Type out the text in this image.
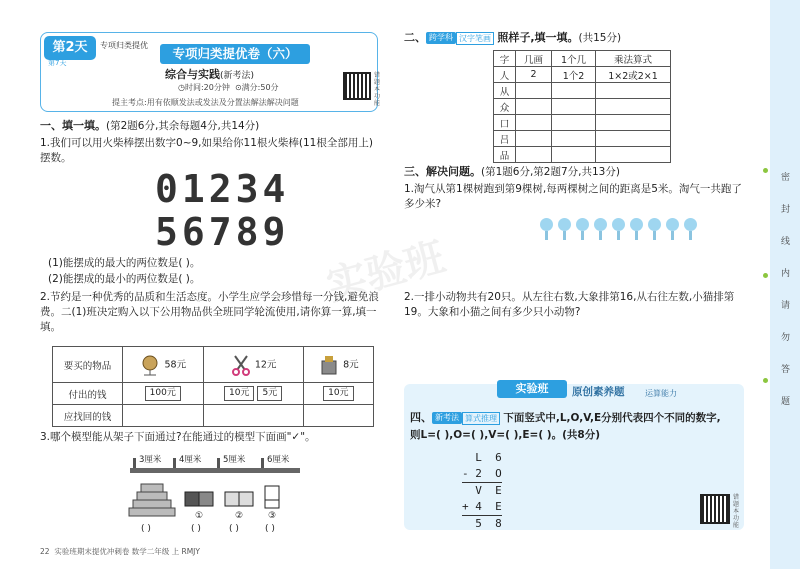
第2天
第7天
专项归类提优
专项归类提优卷（六）
综合与实践(新考法)
◷时间:20分钟 ⊙满分:50分
提主考点:用有依顺发法或发法及分置法解法解决问题
错题本功能
一、填一填。(第2题6分,其余每题4分,共14分)
1.我们可以用火柴棒摆出数字0~9,如果给你11根火柴棒(11根全部用上)摆数。
01234
56789
(1)能摆成的最大的两位数是( )。
(2)能摆成的最小的两位数是( )。
2.节约是一种优秀的品质和生活态度。小学生应学会珍惜每一分钱,避免浪费。二(1)班决定购入以下公用物品供全班同学轮流使用,请你算一算,填一填。
要买的物品	58元	12元	8元
付出的钱	100元	10元 5元	10元
应找回的钱			
3.哪个模型能从架子下面通过?在能通过的模型下面画"✓"。
3厘米 4厘米	5厘米	6厘米
①	②	③
( )	( )	( )	( )
二、 跨学科 汉字笔画 照样子,填一填。(共15分)
字	几画	1个几	乘法算式
人	2	1个2	1×2或2×1
从			
众			
口			
吕			
品			
三、解决问题。(第1题6分,第2题7分,共13分)
1.淘气从第1棵树跑到第9棵树,每两棵树之间的距离是5米。淘气一共跑了多少米?
2.一排小动物共有20只。从左往右数,大象排第16,从右往左数,小猫排第19。大象和小猫之间有多少只小动物?
实验班	原创素养题	运算能力
四、 新考法 算式推理 下面竖式中,L,O,V,E分别代表四个不同的数字,
则L=( ),O=( ),V=( ),E=( )。(共8分)
L  6
- 2  O
V  E
+ 4  E
5  8
错题本功能
密
封
线
内
请
勿
答
题
22 实验班期末提优冲刺卷 数学二年级 上 RMJY
实验班
